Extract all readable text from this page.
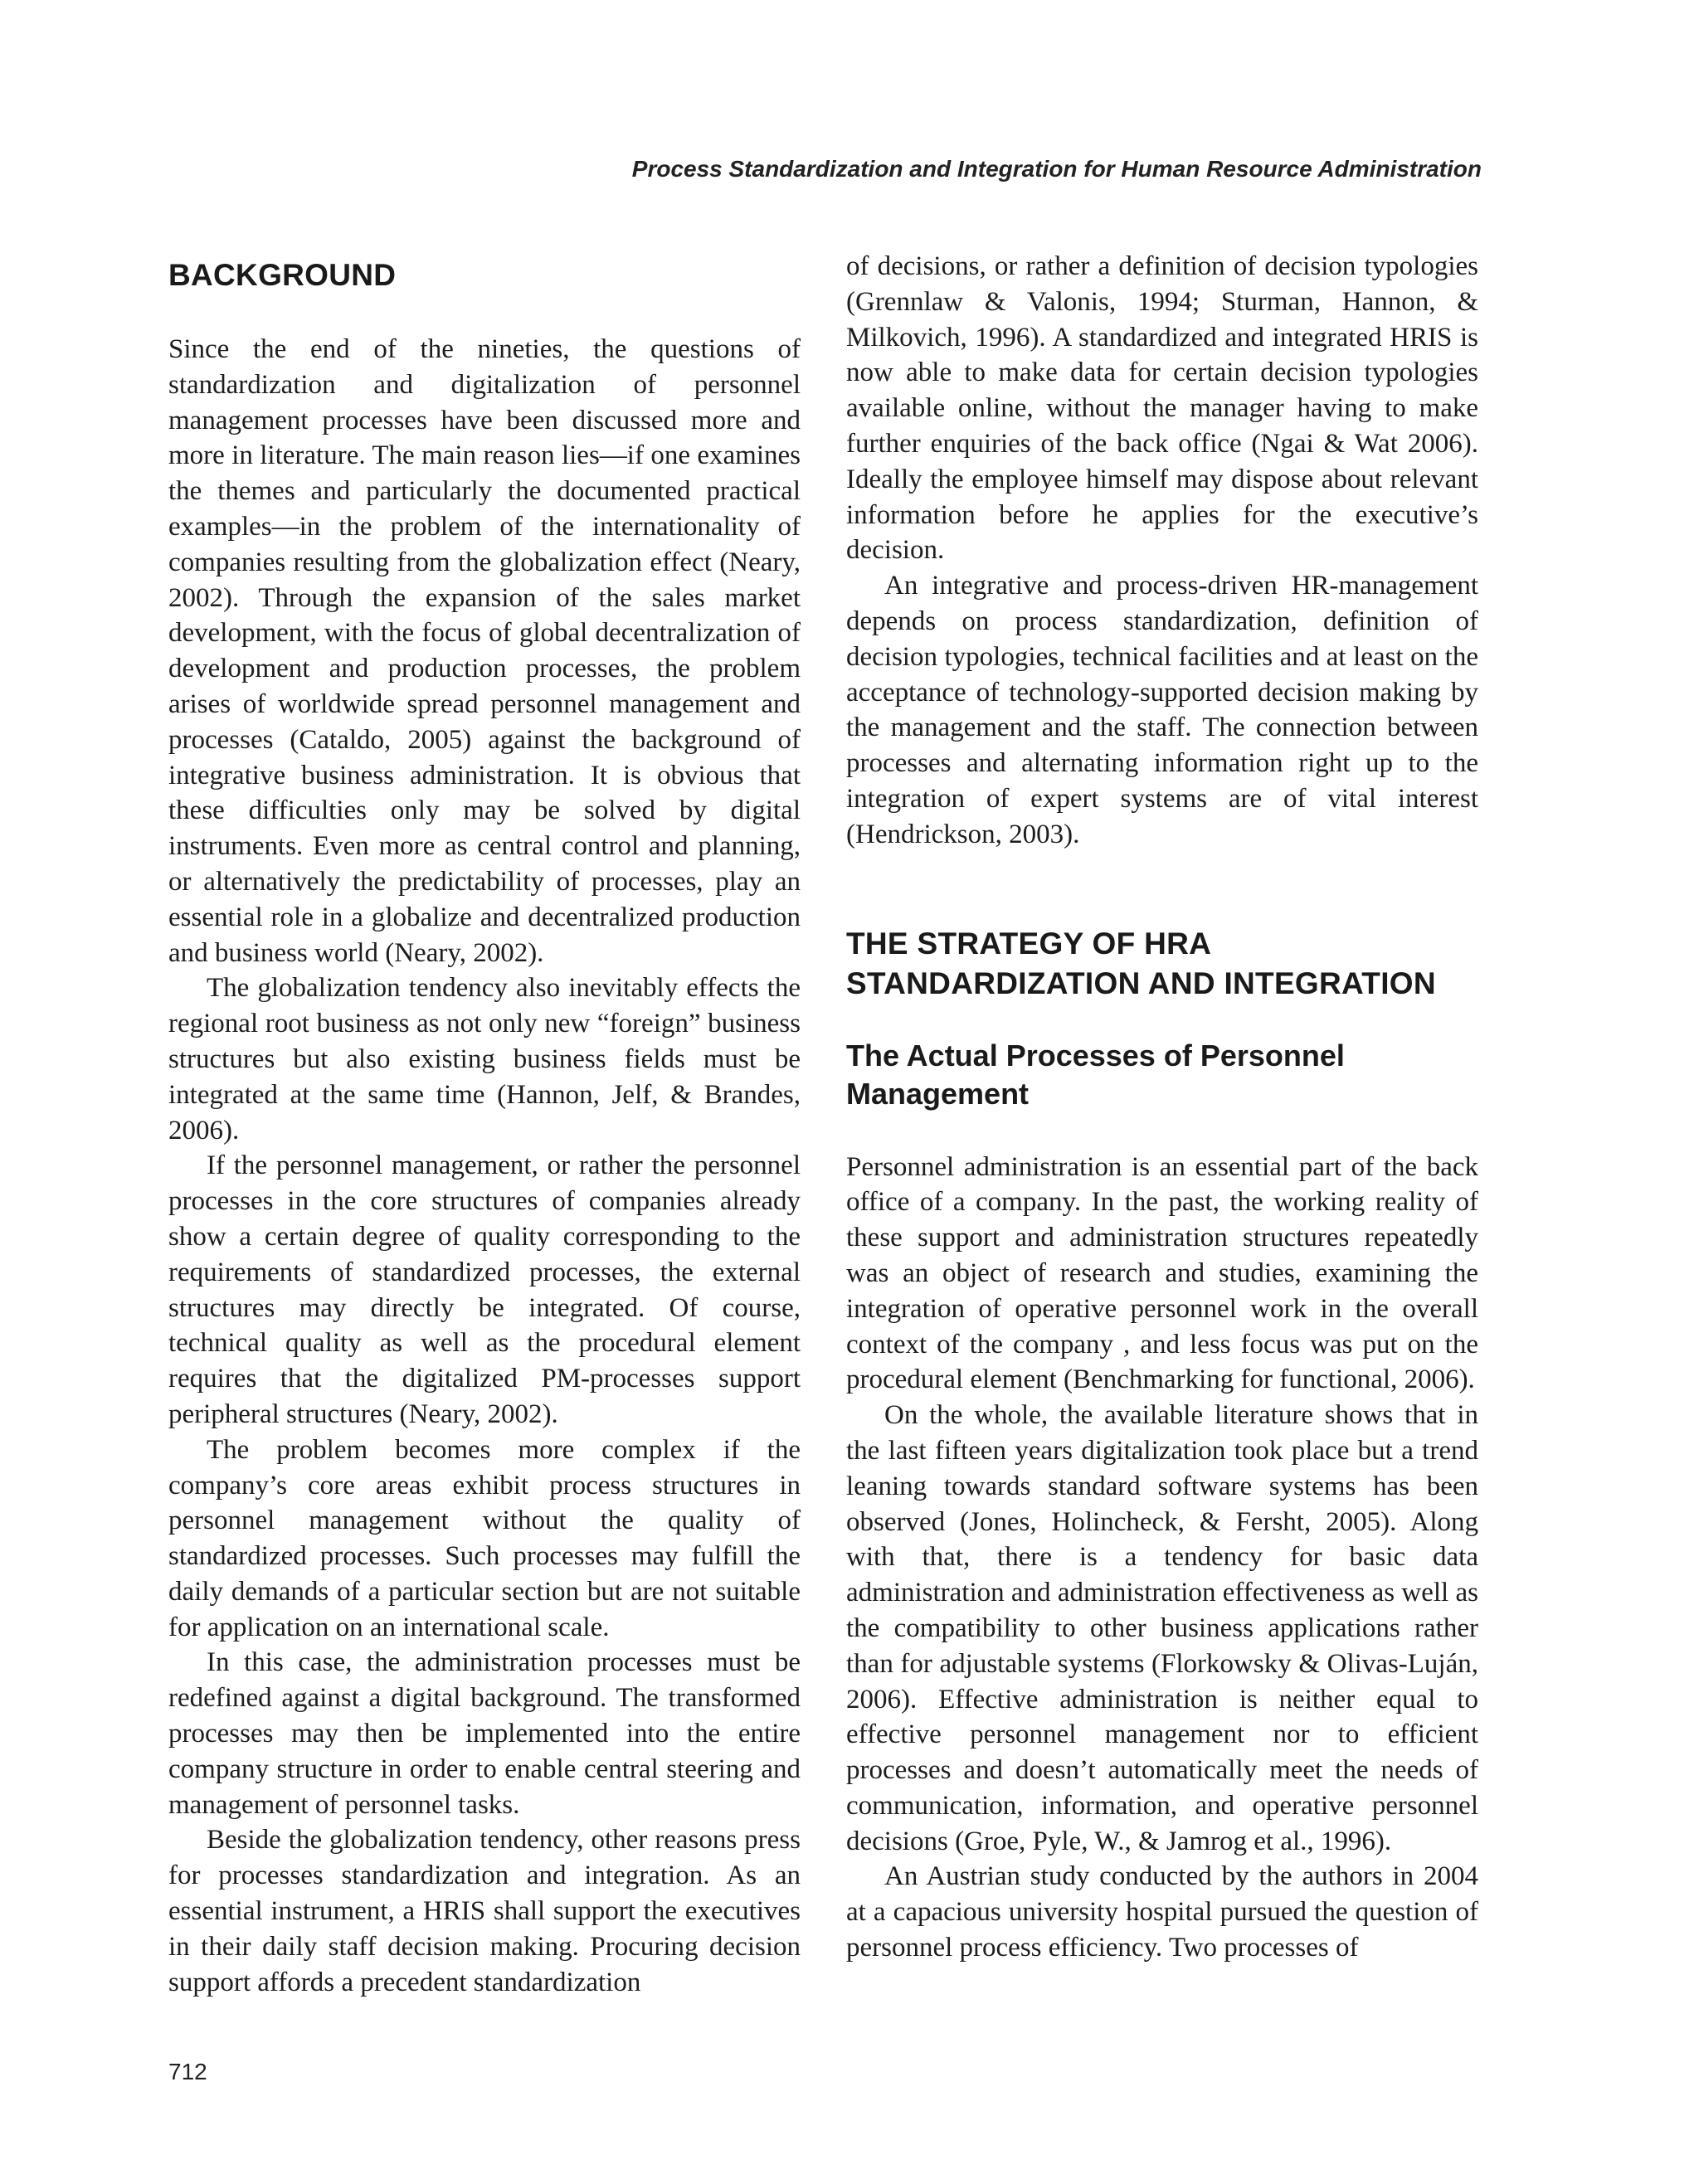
Process Standardization and Integration for Human Resource Administration
BACKGROUND

Since the end of the nineties, the questions of standardization and digitalization of personnel management processes have been discussed more and more in literature. The main reason lies—if one examines the themes and particularly the documented practical examples—in the problem of the internationality of companies resulting from the globalization effect (Neary, 2002). Through the expansion of the sales market development, with the focus of global decentralization of development and production processes, the problem arises of worldwide spread personnel management and processes (Cataldo, 2005) against the background of integrative business administration. It is obvious that these difficulties only may be solved by digital instruments. Even more as central control and planning, or alternatively the predictability of processes, play an essential role in a globalize and decentralized production and business world (Neary, 2002).

The globalization tendency also inevitably effects the regional root business as not only new “foreign” business structures but also existing business fields must be integrated at the same time (Hannon, Jelf, & Brandes, 2006).

If the personnel management, or rather the personnel processes in the core structures of companies already show a certain degree of quality corresponding to the requirements of standardized processes, the external structures may directly be integrated. Of course, technical quality as well as the procedural element requires that the digitalized PM-processes support peripheral structures (Neary, 2002).

The problem becomes more complex if the company’s core areas exhibit process structures in personnel management without the quality of standardized processes. Such processes may fulfill the daily demands of a particular section but are not suitable for application on an international scale.

In this case, the administration processes must be redefined against a digital background. The transformed processes may then be implemented into the entire company structure in order to enable central steering and management of personnel tasks.

Beside the globalization tendency, other reasons press for processes standardization and integration. As an essential instrument, a HRIS shall support the executives in their daily staff decision making. Procuring decision support affords a precedent standardization

of decisions, or rather a definition of decision typologies (Grennlaw & Valonis, 1994; Sturman, Hannon, & Milkovich, 1996). A standardized and integrated HRIS is now able to make data for certain decision typologies available online, without the manager having to make further enquiries of the back office (Ngai & Wat 2006). Ideally the employee himself may dispose about relevant information before he applies for the executive’s decision.

An integrative and process-driven HR-management depends on process standardization, definition of decision typologies, technical facilities and at least on the acceptance of technology-supported decision making by the management and the staff. The connection between processes and alternating information right up to the integration of expert systems are of vital interest (Hendrickson, 2003).

THE STRATEGY OF HRA
STANDARDIZATION AND INTEGRATION
The Actual Processes of Personnel
Management

Personnel administration is an essential part of the back office of a company. In the past, the working reality of these support and administration structures repeatedly was an object of research and studies, examining the integration of operative personnel work in the overall context of the company , and less focus was put on the procedural element (Benchmarking for functional, 2006).

On the whole, the available literature shows that in the last fifteen years digitalization took place but a trend leaning towards standard software systems has been observed (Jones, Holincheck, & Fersht, 2005). Along with that, there is a tendency for basic data administration and administration effectiveness as well as the compatibility to other business applications rather than for adjustable systems (Florkowsky & Olivas-Luján, 2006). Effective administration is neither equal to effective personnel management nor to efficient processes and doesn’t automatically meet the needs of communication, information, and operative personnel decisions (Groe, Pyle, W., & Jamrog et al., 1996).

An Austrian study conducted by the authors in 2004 at a capacious university hospital pursued the question of personnel process efficiency. Two processes of

712
